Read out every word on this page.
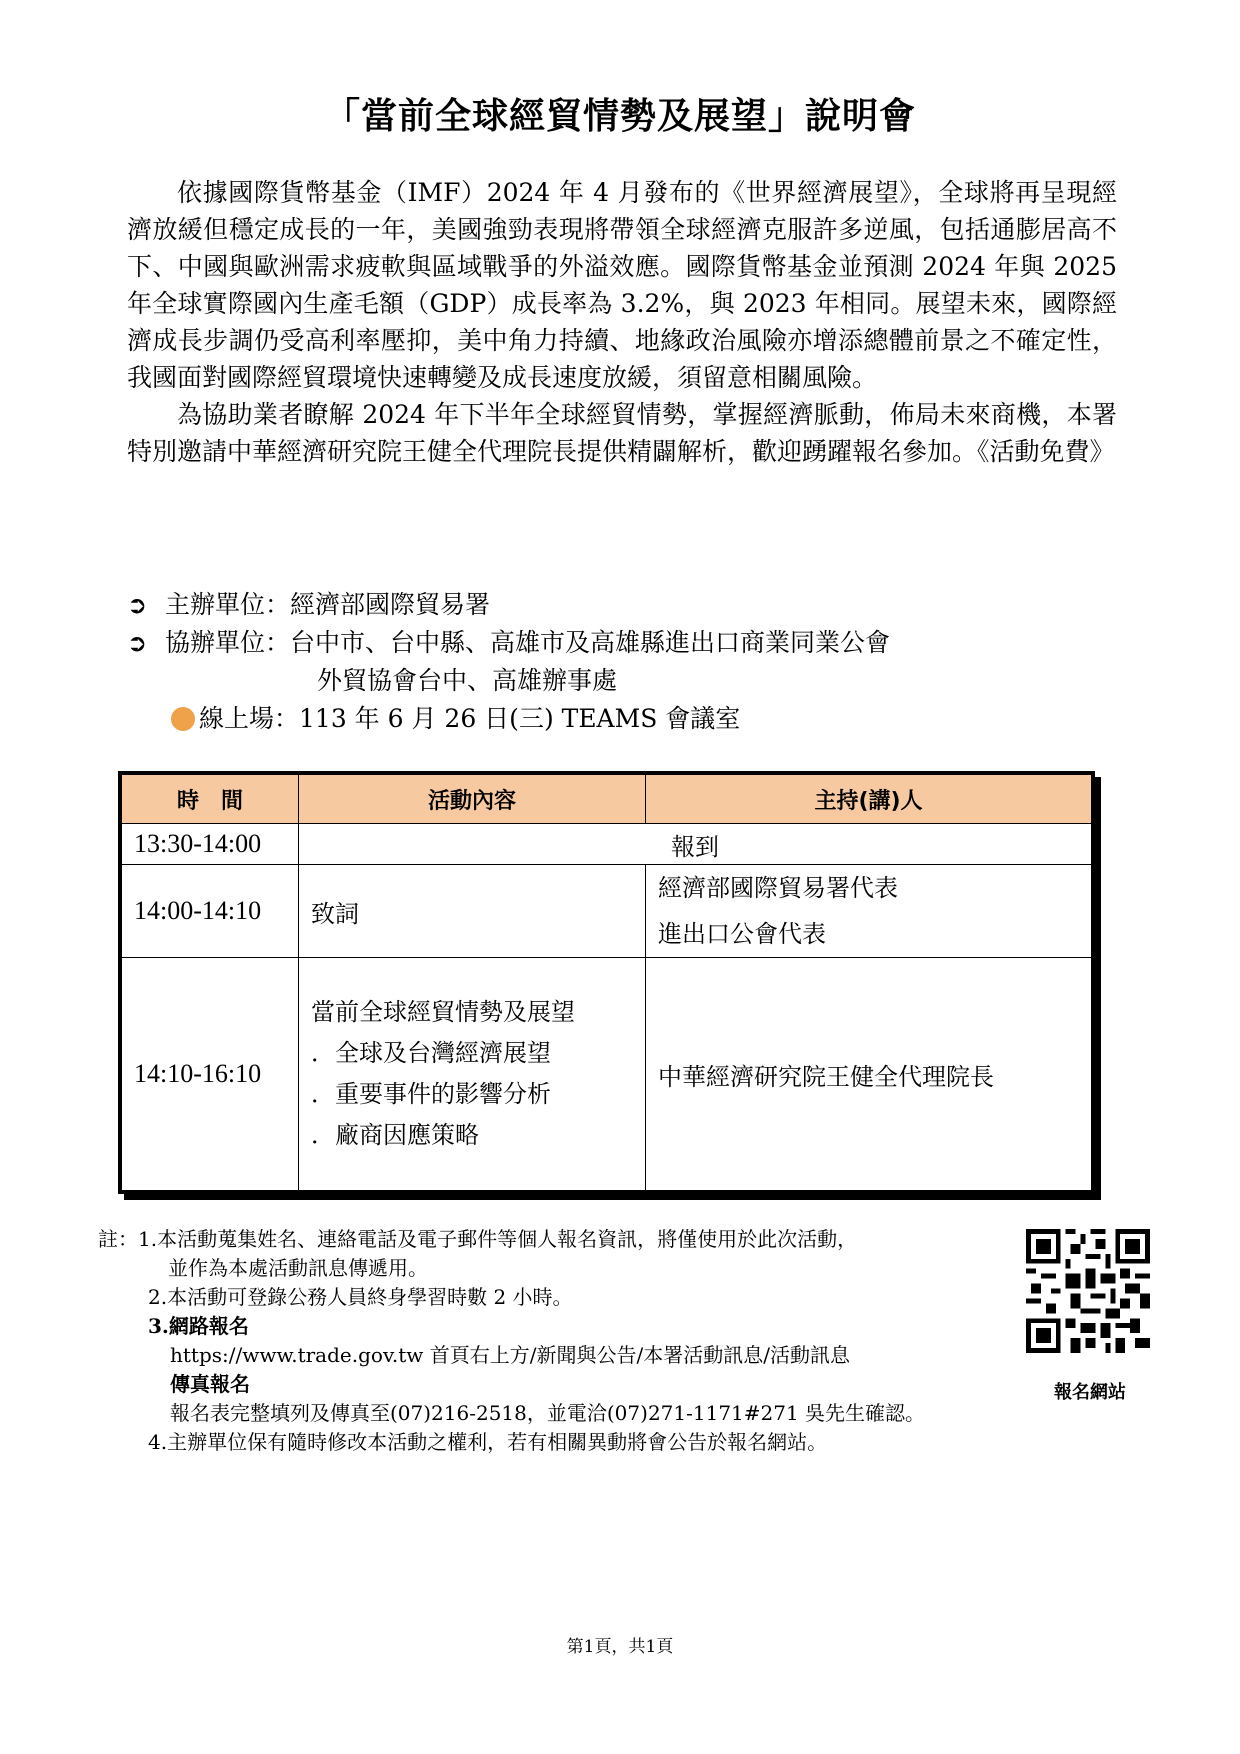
「當前全球經貿情勢及展望」說明會

依據國際貨幣基金（IMF）2024 年 4 月發布的《世界經濟展望》，全球將再呈現經濟放緩但穩定成長的一年，美國強勁表現將帶領全球經濟克服許多逆風，包括通膨居高不下、中國與歐洲需求疲軟與區域戰爭的外溢效應。國際貨幣基金並預測 2024 年與 2025 年全球實際國內生產毛額（GDP）成長率為 3.2%，與 2023 年相同。展望未來，國際經濟成長步調仍受高利率壓抑，美中角力持續、地緣政治風險亦增添總體前景之不確定性，我國面對國際經貿環境快速轉變及成長速度放緩，須留意相關風險。

為協助業者瞭解 2024 年下半年全球經貿情勢，掌握經濟脈動，佈局未來商機，本署特別邀請中華經濟研究院王健全代理院長提供精闢解析，歡迎踴躍報名參加。《活動免費》

➲ 主辦單位： 經濟部國際貿易署
➲ 協辦單位： 台中市、台中縣、高雄市及高雄縣進出口商業同業公會
外貿協會台中、高雄辦事處
線上場： 113 年 6 月 26 日(三) TEAMS 會議室
時　間	活動內容	主持(講)人
13:30-14:00	報到	
14:00-14:10	致詞	經濟部國際貿易署代表
進出口公會代表

14:10-16:10	當前全球經貿情勢及展望
．全球及台灣經濟展望
．重要事件的影響分析
．廠商因應策略	中華經濟研究院王健全代理院長
註：1.本活動蒐集姓名、連絡電話及電子郵件等個人報名資訊，將僅使用於此次活動，
並作為本處活動訊息傳遞用。
2.本活動可登錄公務人員終身學習時數 2 小時。
3.網路報名
https://www.trade.gov.tw 首頁右上方/新聞與公告/本署活動訊息/活動訊息
傳真報名
報名表完整填列及傳真至(07)216-2518，並電洽(07)271-1171#271 吳先生確認。
4.主辦單位保有隨時修改本活動之權利，若有相關異動將會公告於報名網站。
報名網站
第1頁，共1頁
